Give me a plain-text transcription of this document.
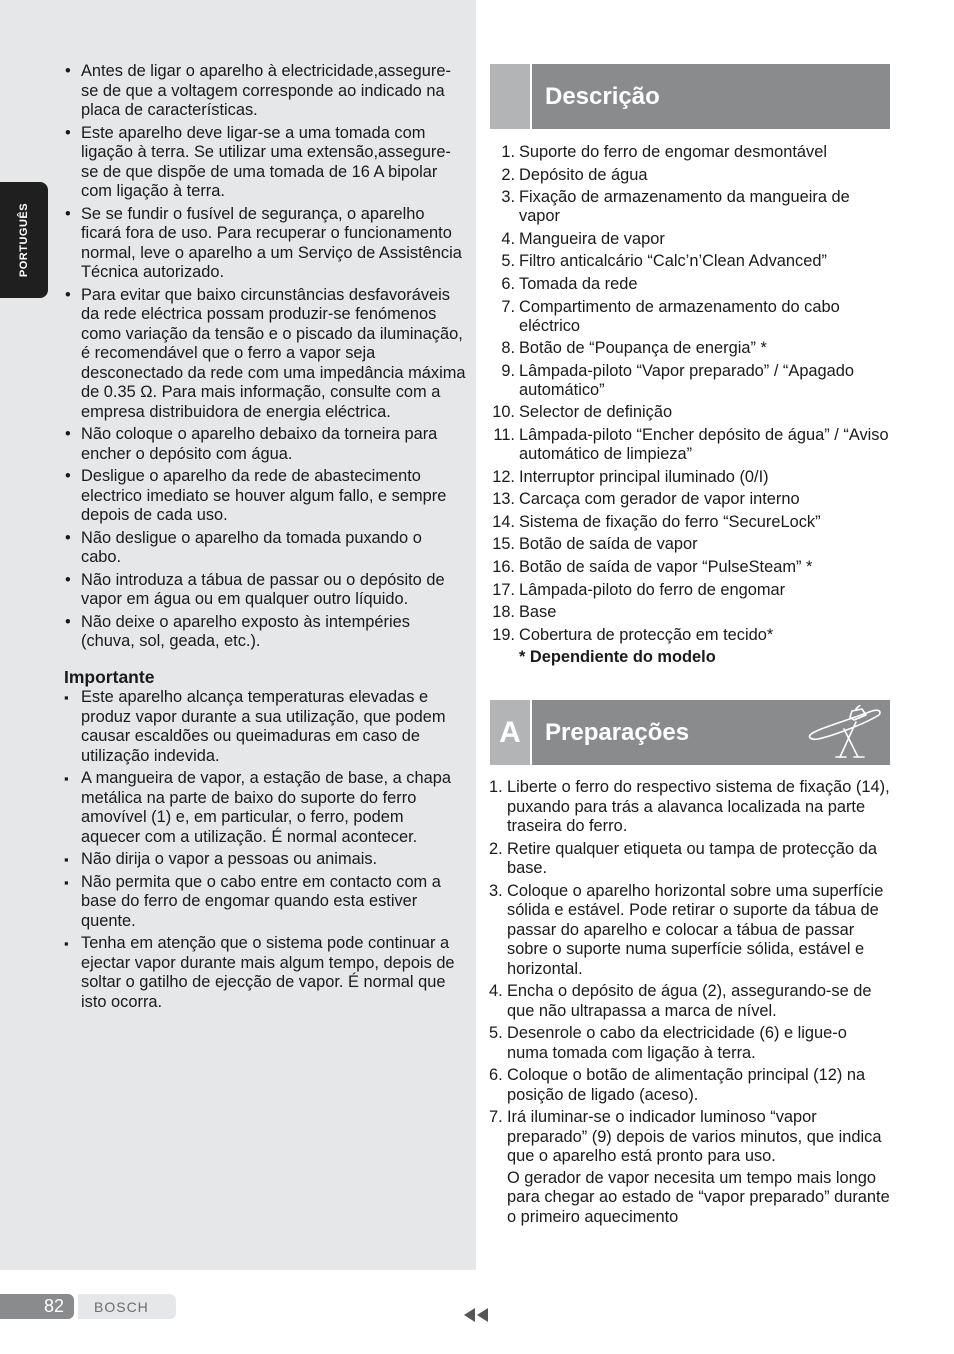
PORTUGUÊS
• Antes de ligar o aparelho à electricidade,assegure-se de que a voltagem corresponde ao indicado na placa de características.
• Este aparelho deve ligar-se a uma tomada com ligação à terra. Se utilizar uma extensão,assegure-se de que dispõe de uma tomada de 16 A bipolar com ligação à terra.
• Se se fundir o fusível de segurança, o aparelho ficará fora de uso. Para recuperar o funcionamento normal, leve o aparelho a um Serviço de Assistência Técnica autorizado.
• Para evitar que baixo circunstâncias desfavoráveis da rede eléctrica possam produzir-se fenómenos como variação da tensão e o piscado da iluminação, é recomendável que o ferro a vapor seja desconectado da rede com uma impedância máxima de 0.35 Ω. Para mais informação, consulte com a empresa distribuidora de energia eléctrica.
• Não coloque o aparelho debaixo da torneira para encher o depósito com água.
• Desligue o aparelho da rede de abastecimento electrico imediato se houver algum fallo, e sempre depois de cada uso.
• Não desligue o aparelho da tomada puxando o cabo.
• Não introduza a tábua de passar ou o depósito de vapor em água ou em qualquer outro líquido.
• Não deixe o aparelho exposto às intempéries (chuva, sol, geada, etc.).
Importante
▪ Este aparelho alcança temperaturas elevadas e produz vapor durante a sua utilização, que podem causar escaldões ou queimaduras em caso de utilização indevida.
▪ A mangueira de vapor, a estação de base, a chapa metálica na parte de baixo do suporte do ferro amovível (1) e, em particular, o ferro, podem aquecer com a utilização. É normal acontecer.
▪ Não dirija o vapor a pessoas ou animais.
▪ Não permita que o cabo entre em contacto com a base do ferro de engomar quando esta estiver quente.
▪ Tenha em atenção que o sistema pode continuar a ejectar vapor durante mais algum tempo, depois de soltar o gatilho de ejecção de vapor. É normal que isto ocorra.
Descrição
1. Suporte do ferro de engomar desmontável
2. Depósito de água
3. Fixação de armazenamento da mangueira de vapor
4. Mangueira de vapor
5. Filtro anticalcário “Calc’n’Clean Advanced”
6. Tomada da rede
7. Compartimento de armazenamento do cabo eléctrico
8. Botão de “Poupança de energia” *
9. Lâmpada-piloto “Vapor preparado” / “Apagado automático”
10. Selector de definição
11. Lâmpada-piloto “Encher depósito de água” / “Aviso automático de limpieza”
12. Interruptor principal iluminado (0/I)
13. Carcaça com gerador de vapor interno
14. Sistema de fixação do ferro “SecureLock”
15. Botão de saída de vapor
16. Botão de saída de vapor “PulseSteam” *
17. Lâmpada-piloto do ferro de engomar
18. Base
19. Cobertura de protecção em tecido*
* Dependiente do modelo
A	Preparações
1. Liberte o ferro do respectivo sistema de fixação (14), puxando para trás a alavanca localizada na parte traseira do ferro.
2. Retire qualquer etiqueta ou tampa de protecção da base.
3. Coloque o aparelho horizontal sobre uma superfície sólida e estável. Pode retirar o suporte da tábua de passar do aparelho e colocar a tábua de passar sobre o suporte numa superfície sólida, estável e horizontal.
4. Encha o depósito de água (2), assegurando-se de que não ultrapassa a marca de nível.
5. Desenrole o cabo da electricidade (6) e ligue-o numa tomada com ligação à terra.
6. Coloque o botão de alimentação principal (12) na posição de ligado (aceso).
7. Irá iluminar-se o indicador luminoso “vapor preparado” (9) depois de varios minutos, que indica que o aparelho está pronto para uso.
O gerador de vapor necesita um tempo mais longo para chegar ao estado de “vapor preparado” durante o primeiro aquecimento
82 BOSCH
